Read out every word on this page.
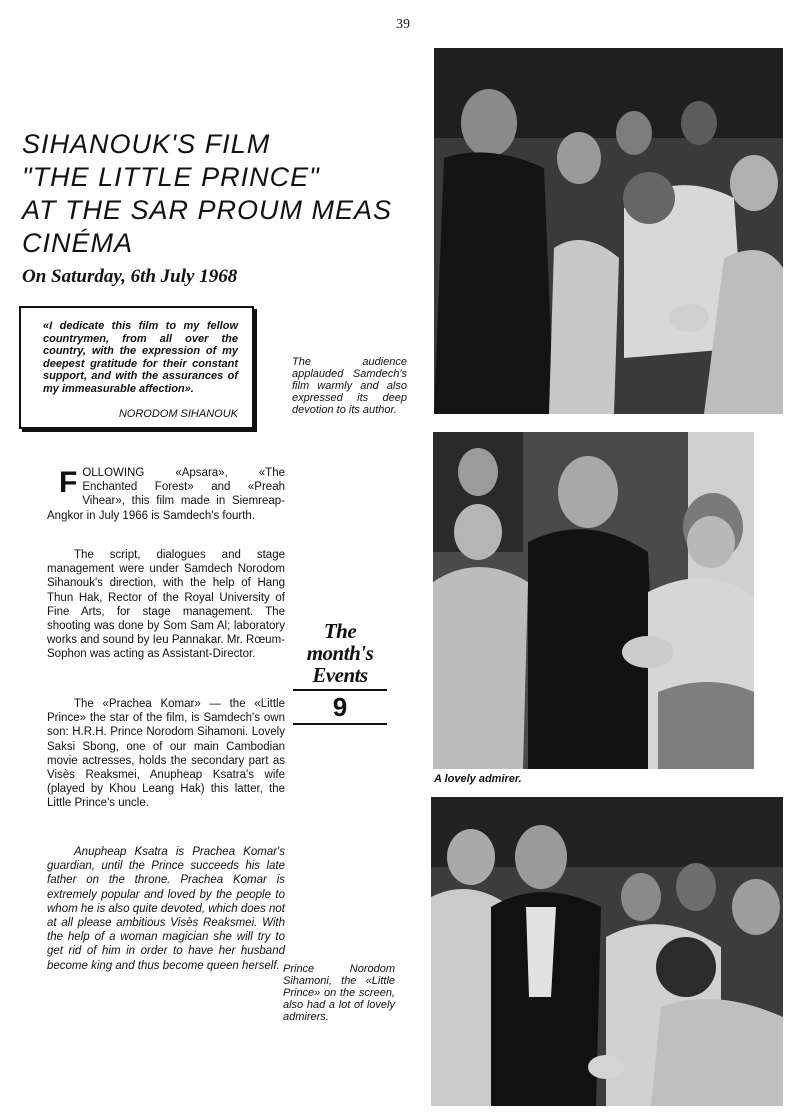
39
SIHANOUK'S FILM
"THE LITTLE PRINCE"
AT THE SAR PROUM MEAS
CINÉMA
On Saturday, 6th July 1968

«I dedicate this film to my fellow countrymen, from all over the country, with the expression of my deepest gratitude for their constant support, and with the assurances of my immeasurable affection».

NORODOM SIHANOUK

F OLLOWING «Apsara», «The Enchanted Forest» and «Preah Vihear», this film made in Siemreap-Angkor in July 1966 is Samdech's fourth.

The script, dialogues and stage management were under Samdech Norodom Sihanouk's direction, with the help of Hang Thun Hak, Rector of the Royal University of Fine Arts, for stage management. The shooting was done by Som Sam Al; laboratory works and sound by Ieu Pannakar. Mr. Rœum-Sophon was acting as Assistant-Director.
The «Prachea Komar» — the «Little Prince» the star of the film, is Samdech's own son: H.R.H. Prince Norodom Sihamoni. Lovely Saksi Sbong, one of our main Cambodian movie actresses, holds the secondary part as Visès Reaksmei, Anupheap Ksatra's wife (played by Khou Leang Hak) this latter, the Little Prince's uncle.
Anupheap Ksatra is Prachea Komar's guardian, until the Prince succeeds his late father on the throne. Prachea Komar is extremely popular and loved by the people to whom he is also quite devoted, which does not at all please ambitious Visès Reaksmei. With the help of a woman magician she will try to get rid of him in order to have her husband become king and thus become queen herself.
The audience applauded Samdech's film warmly and also expressed its deep devotion to its author.
A lovely admirer.
The month's
Events
9
Prince Norodom Sihamoni, the «Little Prince» on the screen, also had a lot of lovely admirers.
